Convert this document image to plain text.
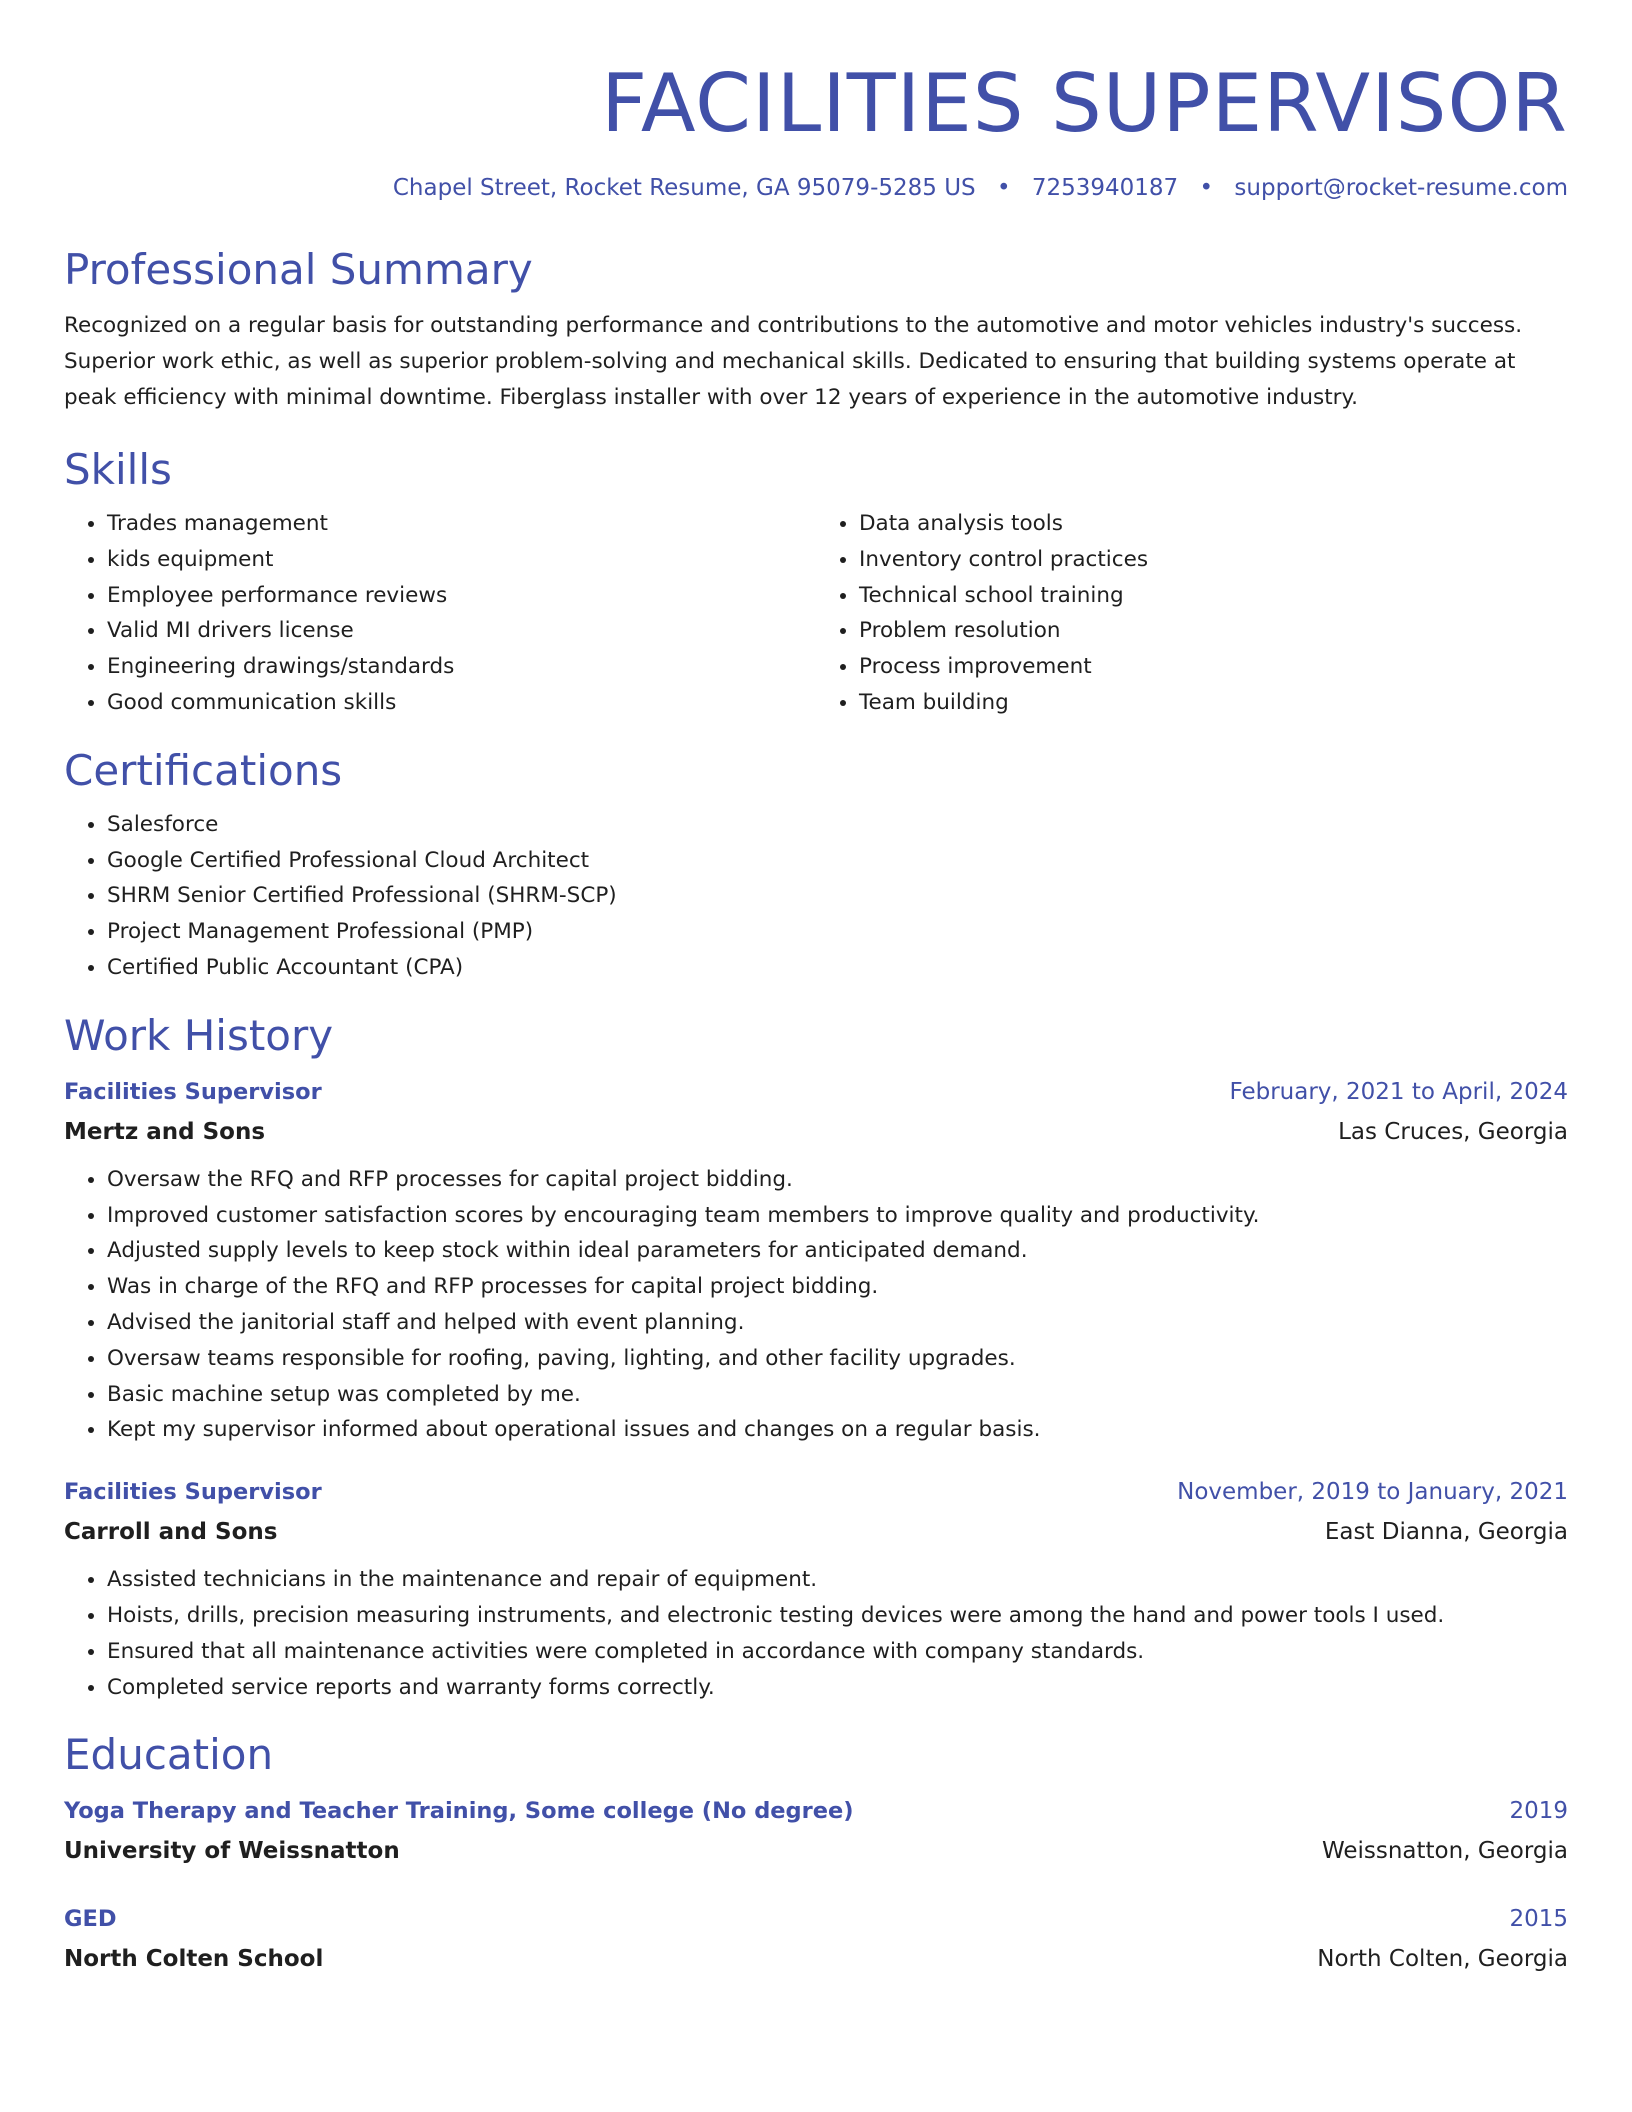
FACILITIES SUPERVISOR
Chapel Street, Rocket Resume, GA 95079-5285 US • 7253940187 • support@rocket-resume.com
Professional Summary

Recognized on a regular basis for outstanding performance and contributions to the automotive and motor vehicles industry's success. Superior work ethic, as well as superior problem-solving and mechanical skills. Dedicated to ensuring that building systems operate at peak efficiency with minimal downtime. Fiberglass installer with over 12 years of experience in the automotive industry.

Skills
• Trades management
• kids equipment
• Employee performance reviews
• Valid MI drivers license
• Engineering drawings/standards
• Good communication skills
• Data analysis tools
• Inventory control practices
• Technical school training
• Problem resolution
• Process improvement
• Team building
Certifications
• Salesforce
• Google Certified Professional Cloud Architect
• SHRM Senior Certified Professional (SHRM-SCP)
• Project Management Professional (PMP)
• Certified Public Accountant (CPA)
Work History
Facilities Supervisor	February, 2021 to April, 2024
Mertz and Sons	Las Cruces, Georgia
• Oversaw the RFQ and RFP processes for capital project bidding.
• Improved customer satisfaction scores by encouraging team members to improve quality and productivity.
• Adjusted supply levels to keep stock within ideal parameters for anticipated demand.
• Was in charge of the RFQ and RFP processes for capital project bidding.
• Advised the janitorial staff and helped with event planning.
• Oversaw teams responsible for roofing, paving, lighting, and other facility upgrades.
• Basic machine setup was completed by me.
• Kept my supervisor informed about operational issues and changes on a regular basis.
Facilities Supervisor	November, 2019 to January, 2021
Carroll and Sons	East Dianna, Georgia
• Assisted technicians in the maintenance and repair of equipment.
• Hoists, drills, precision measuring instruments, and electronic testing devices were among the hand and power tools I used.
• Ensured that all maintenance activities were completed in accordance with company standards.
• Completed service reports and warranty forms correctly.
Education
Yoga Therapy and Teacher Training, Some college (No degree)	2019
University of Weissnatton	Weissnatton, Georgia
GED	2015
North Colten School	North Colten, Georgia
